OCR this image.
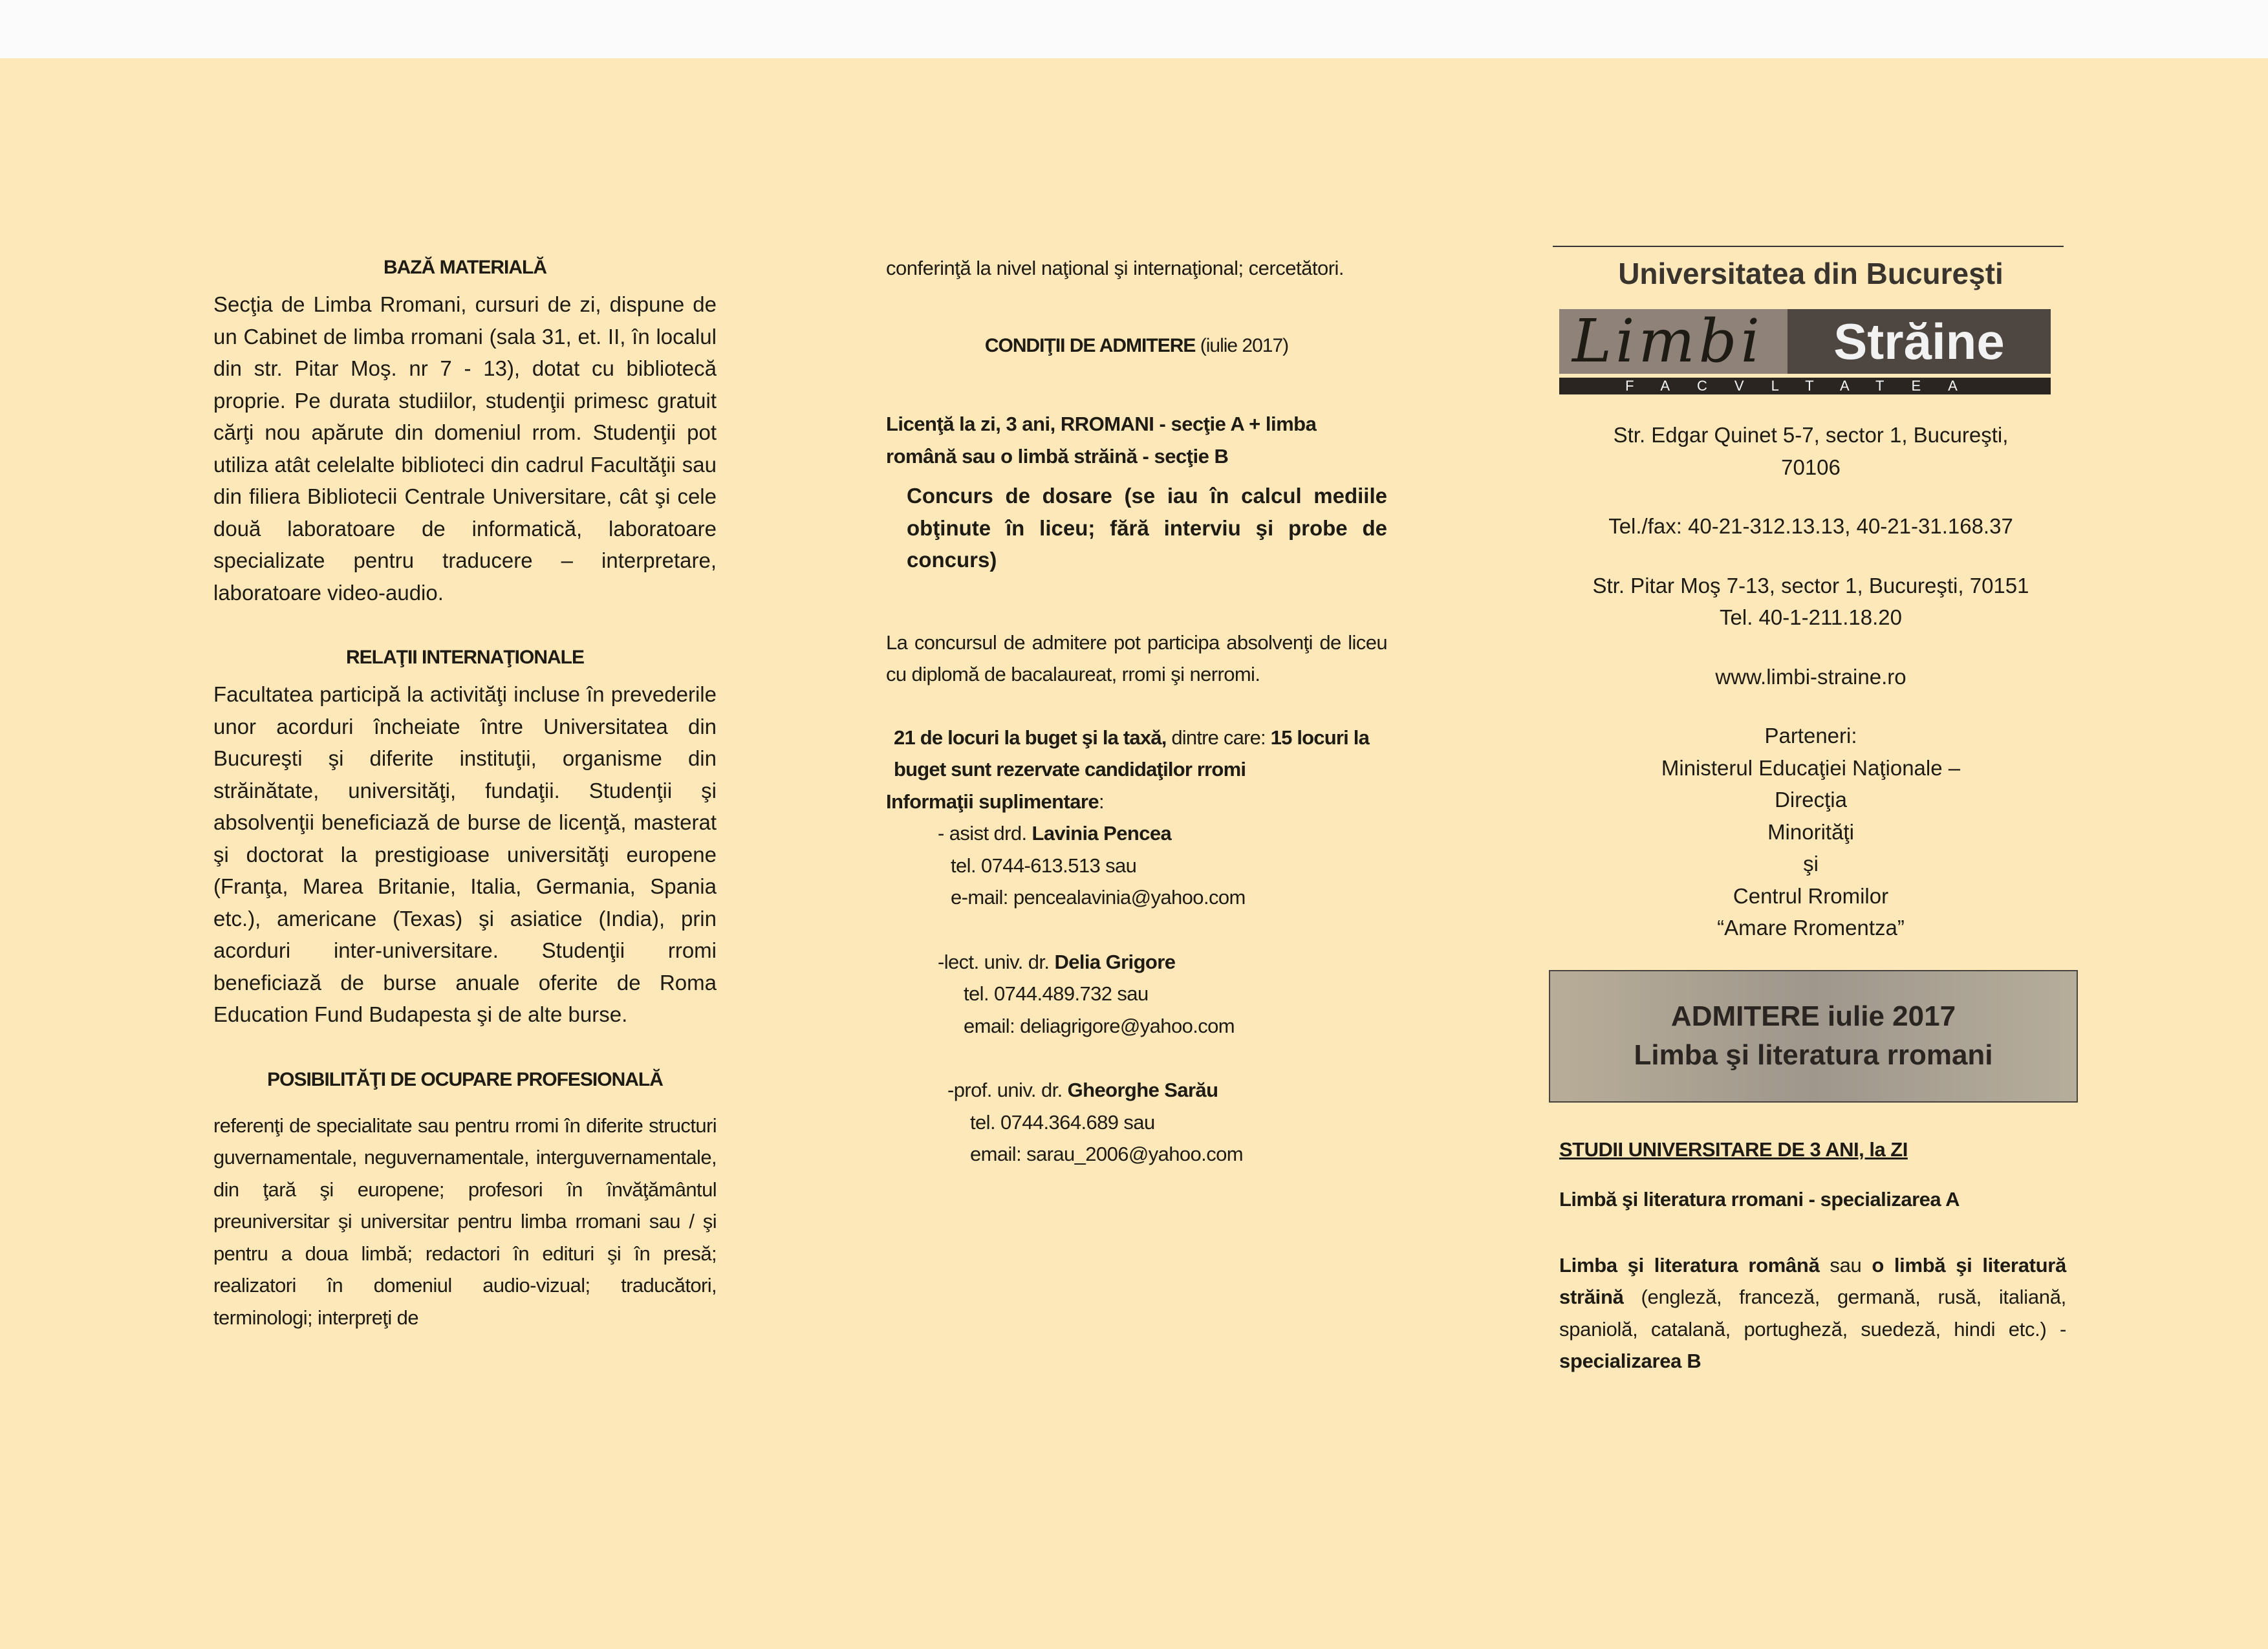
BAZĂ MATERIALĂ

Secţia de Limba Rromani, cursuri de zi, dispune de un Cabinet de limba rromani (sala 31, et. II, în localul din str. Pitar Moş. nr 7 - 13), dotat cu bibliotecă proprie. Pe durata studiilor, studenţii primesc gratuit cărţi nou apărute din domeniul rrom. Studenţii pot utiliza atât celelalte biblioteci din cadrul Facultăţii sau din filiera Bibliotecii Centrale Universitare, cât şi cele două laboratoare de informatică, laboratoare specializate pentru traducere – interpretare, laboratoare video-audio.

RELAŢII INTERNAŢIONALE

Facultatea participă la activităţi incluse în prevederile unor acorduri încheiate între Universitatea din Bucureşti şi diferite instituţii, organisme din străinătate, universităţi, fundaţii. Studenţii şi absolvenţii beneficiază de burse de licenţă, masterat şi doctorat la prestigioase universităţi europene (Franţa, Marea Britanie, Italia, Germania, Spania etc.), americane (Texas) şi asiatice (India), prin acorduri inter-universitare. Studenţii rromi beneficiază de burse anuale oferite de Roma Education Fund Budapesta şi de alte burse.

POSIBILITĂŢI DE OCUPARE PROFESIONALĂ

referenţi de specialitate sau pentru rromi în diferite structuri guvernamentale, neguvernamentale, interguvernamentale, din ţară şi europene; profesori în învăţământul preuniversitar şi universitar pentru limba rromani sau / şi pentru a doua limbă; redactori în edituri şi în presă; realizatori în domeniul audio-vizual; traducători, terminologi; interpreţi de

conferinţă la nivel naţional şi internaţional; cercetători.

CONDIŢII DE ADMITERE (iulie 2017)

Licenţă la zi, 3 ani, RROMANI - secţie A + limba română sau o limbă străină - secţie B

Concurs de dosare (se iau în calcul mediile obţinute în liceu; fără interviu şi probe de concurs)

La concursul de admitere pot participa absolvenţi de liceu cu diplomă de bacalaureat, rromi şi nerromi.

21 de locuri la buget şi la taxă, dintre care: 15 locuri la buget sunt rezervate candidaţilor rromi

Informaţii suplimentare:

- asist drd. Lavinia Pencea

tel. 0744-613.513 sau

e-mail: pencealavinia@yahoo.com

-lect. univ. dr. Delia Grigore

tel. 0744.489.732 sau

email: deliagrigore@yahoo.com

-prof. univ. dr. Gheorghe Sarău

tel. 0744.364.689 sau

email: sarau_2006@yahoo.com

Universitatea din Bucureşti

Limbi	Străine
FACVLTATEA

Str. Edgar Quinet 5-7, sector 1, Bucureşti,

70106

Tel./fax: 40-21-312.13.13, 40-21-31.168.37

Str. Pitar Moş 7-13, sector 1, Bucureşti, 70151

Tel. 40-1-211.18.20

www.limbi-straine.ro

Parteneri:

Ministerul Educaţiei Naţionale –

Direcţia

Minorităţi

şi

Centrul Rromilor

“Amare Rromentza”

ADMITERE iulie 2017
Limba şi literatura rromani

STUDII UNIVERSITARE DE 3 ANI, la ZI

Limbă şi literatura rromani - specializarea A

Limba şi literatura română sau o limbă şi literatură străină (engleză, franceză, germană, rusă, italiană, spaniolă, catalană, portugheză, suedeză, hindi etc.) - specializarea B
